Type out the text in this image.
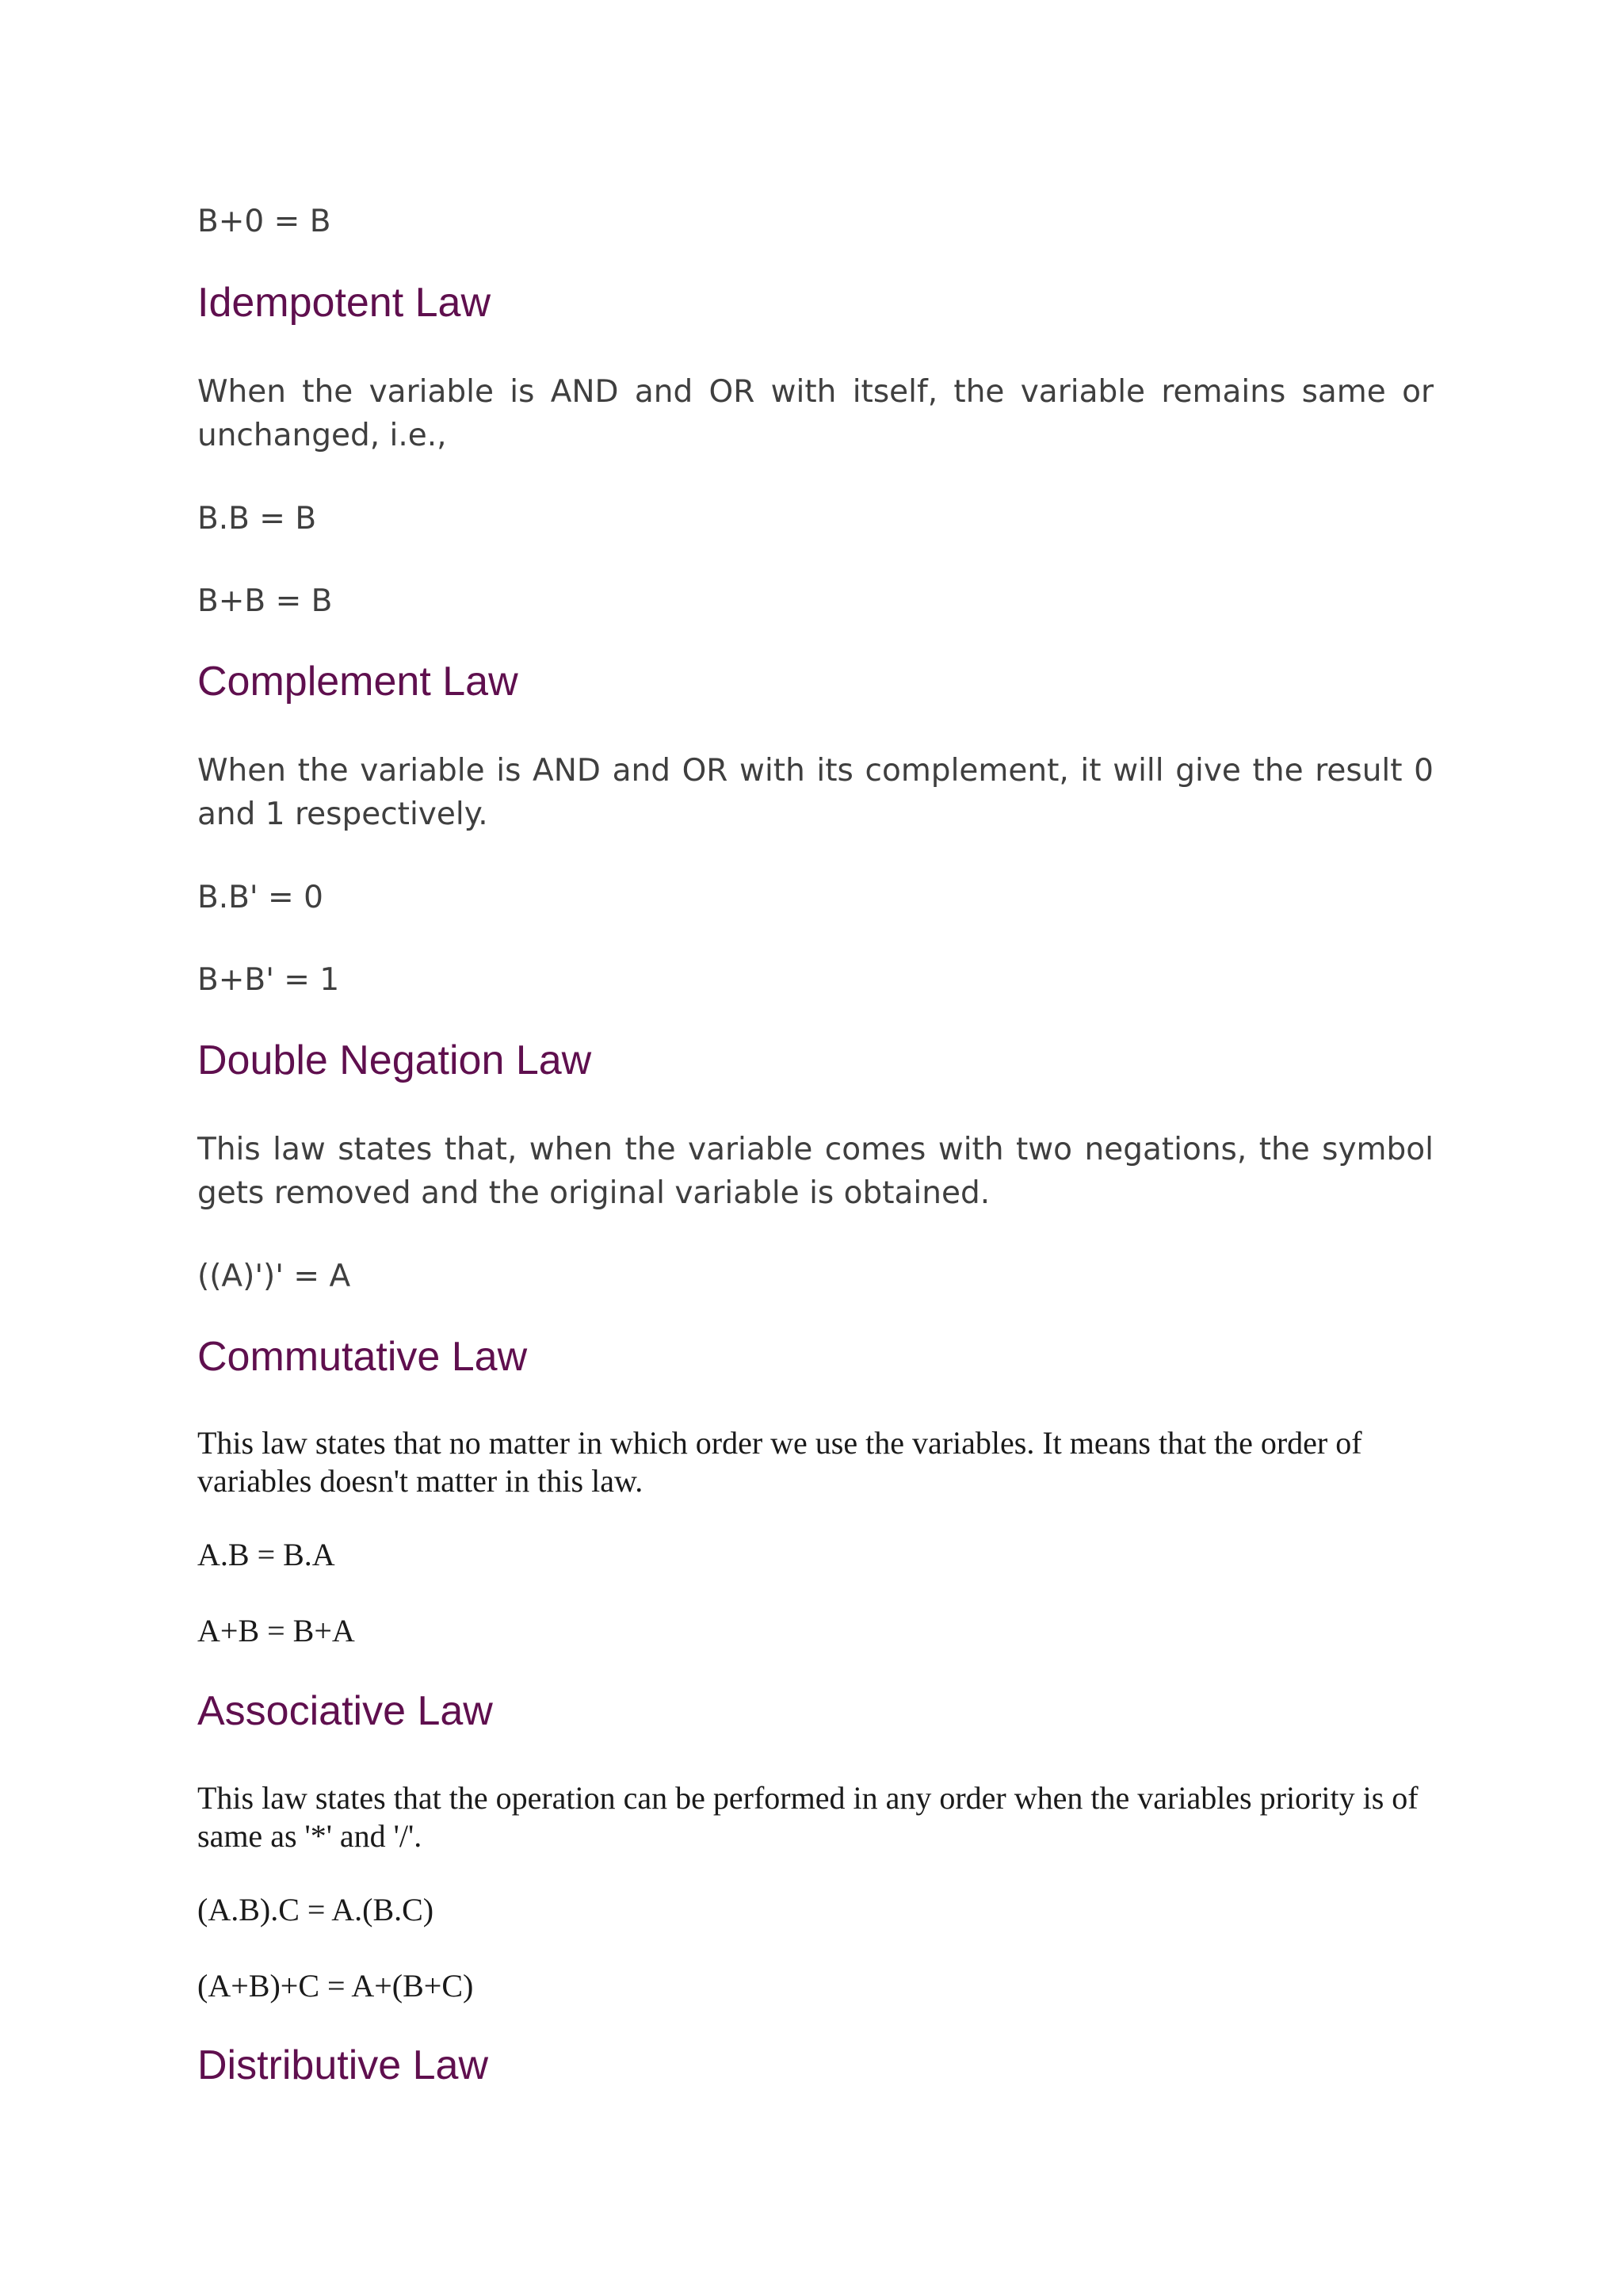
B+0 = B
Idempotent Law

When the variable is AND and OR with itself, the variable remains same or unchanged, i.e.,

B.B = B
B+B = B
Complement Law

When the variable is AND and OR with its complement, it will give the result 0 and 1 respectively.

B.B' = 0
B+B' = 1
Double Negation Law

This law states that, when the variable comes with two negations, the symbol gets removed and the original variable is obtained.

((A)')' = A
Commutative Law

This law states that no matter in which order we use the variables. It means that the order of variables doesn't matter in this law.

A.B = B.A
A+B = B+A
Associative Law

This law states that the operation can be performed in any order when the variables priority is of same as '*' and '/'.

(A.B).C = A.(B.C)
(A+B)+C = A+(B+C)
Distributive Law
